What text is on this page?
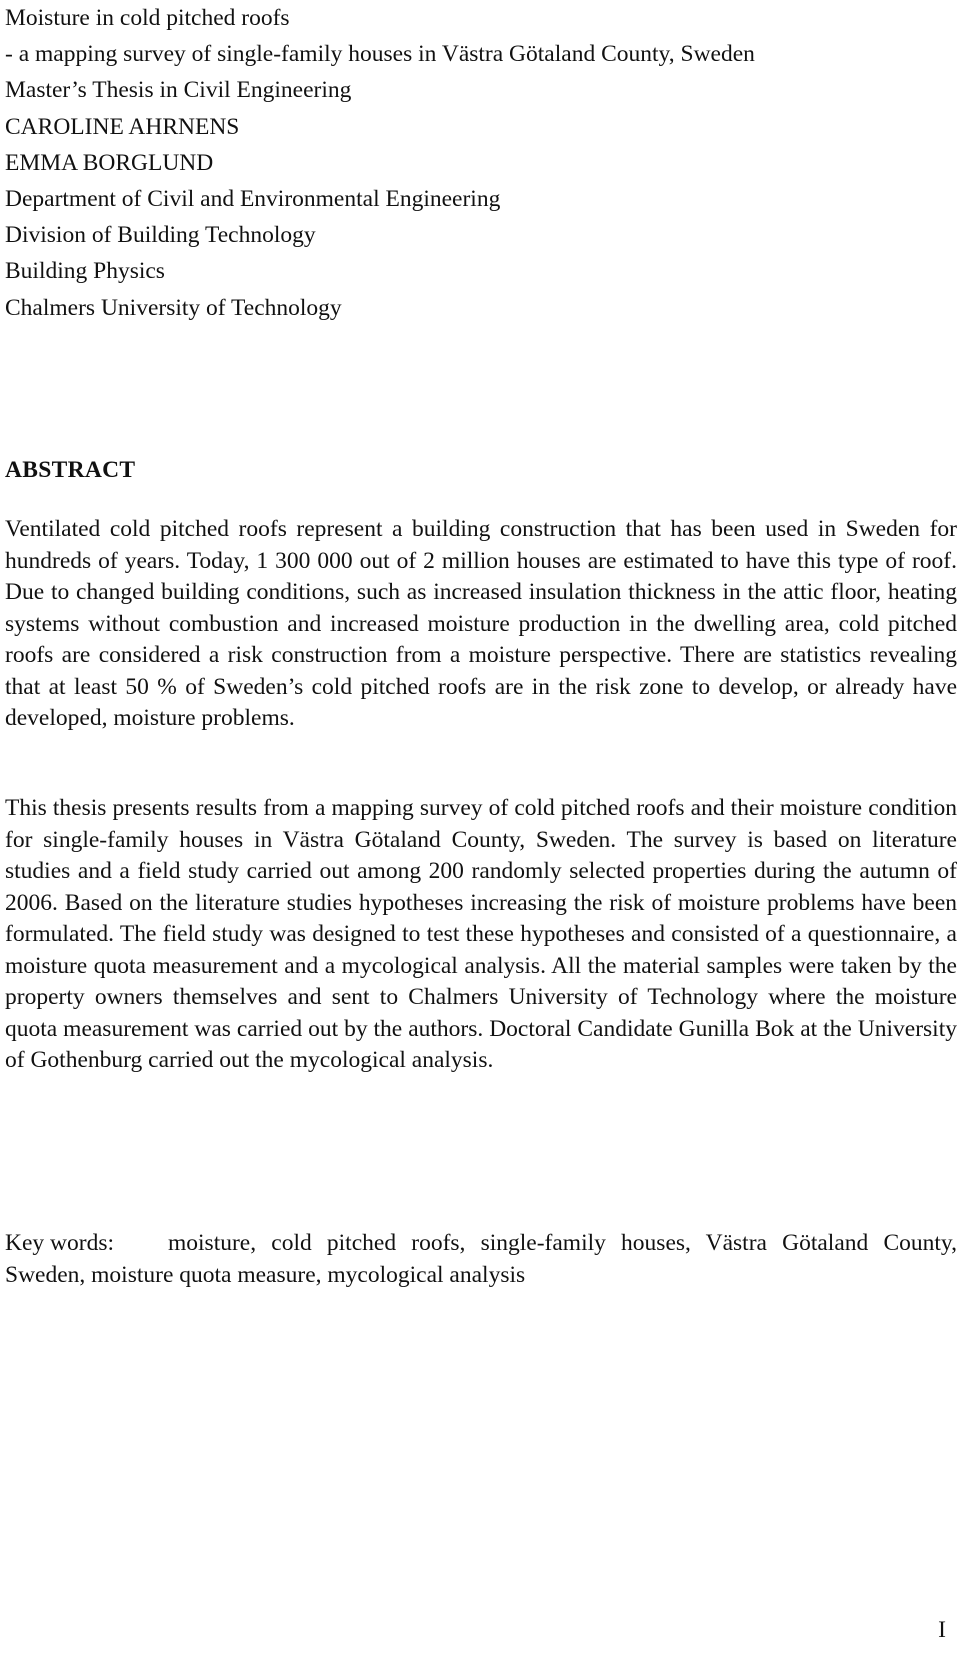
Moisture in cold pitched roofs
- a mapping survey of single-family houses in Västra Götaland County, Sweden
Master’s Thesis in Civil Engineering
CAROLINE AHRNENS
EMMA BORGLUND
Department of Civil and Environmental Engineering
Division of Building Technology
Building Physics
Chalmers University of Technology
ABSTRACT

Ventilated cold pitched roofs represent a building construction that has been used in Sweden for hundreds of years. Today, 1 300 000 out of 2 million houses are estimated to have this type of roof. Due to changed building conditions, such as increased insulation thickness in the attic floor, heating systems without combustion and increased moisture production in the dwelling area, cold pitched roofs are considered a risk construction from a moisture perspective. There are statistics revealing that at least 50 % of Sweden’s cold pitched roofs are in the risk zone to develop, or already have developed, moisture problems.

This thesis presents results from a mapping survey of cold pitched roofs and their moisture condition for single-family houses in Västra Götaland County, Sweden. The survey is based on literature studies and a field study carried out among 200 randomly selected properties during the autumn of 2006. Based on the literature studies hypotheses increasing the risk of moisture problems have been formulated. The field study was designed to test these hypotheses and consisted of a questionnaire, a moisture quota measurement and a mycological analysis. All the material samples were taken by the property owners themselves and sent to Chalmers University of Technology where the moisture quota measurement was carried out by the authors. Doctoral Candidate Gunilla Bok at the University of Gothenburg carried out the mycological analysis.

Key words: moisture, cold pitched roofs, single-family houses, Västra Götaland County, Sweden, moisture quota measure, mycological analysis

I
